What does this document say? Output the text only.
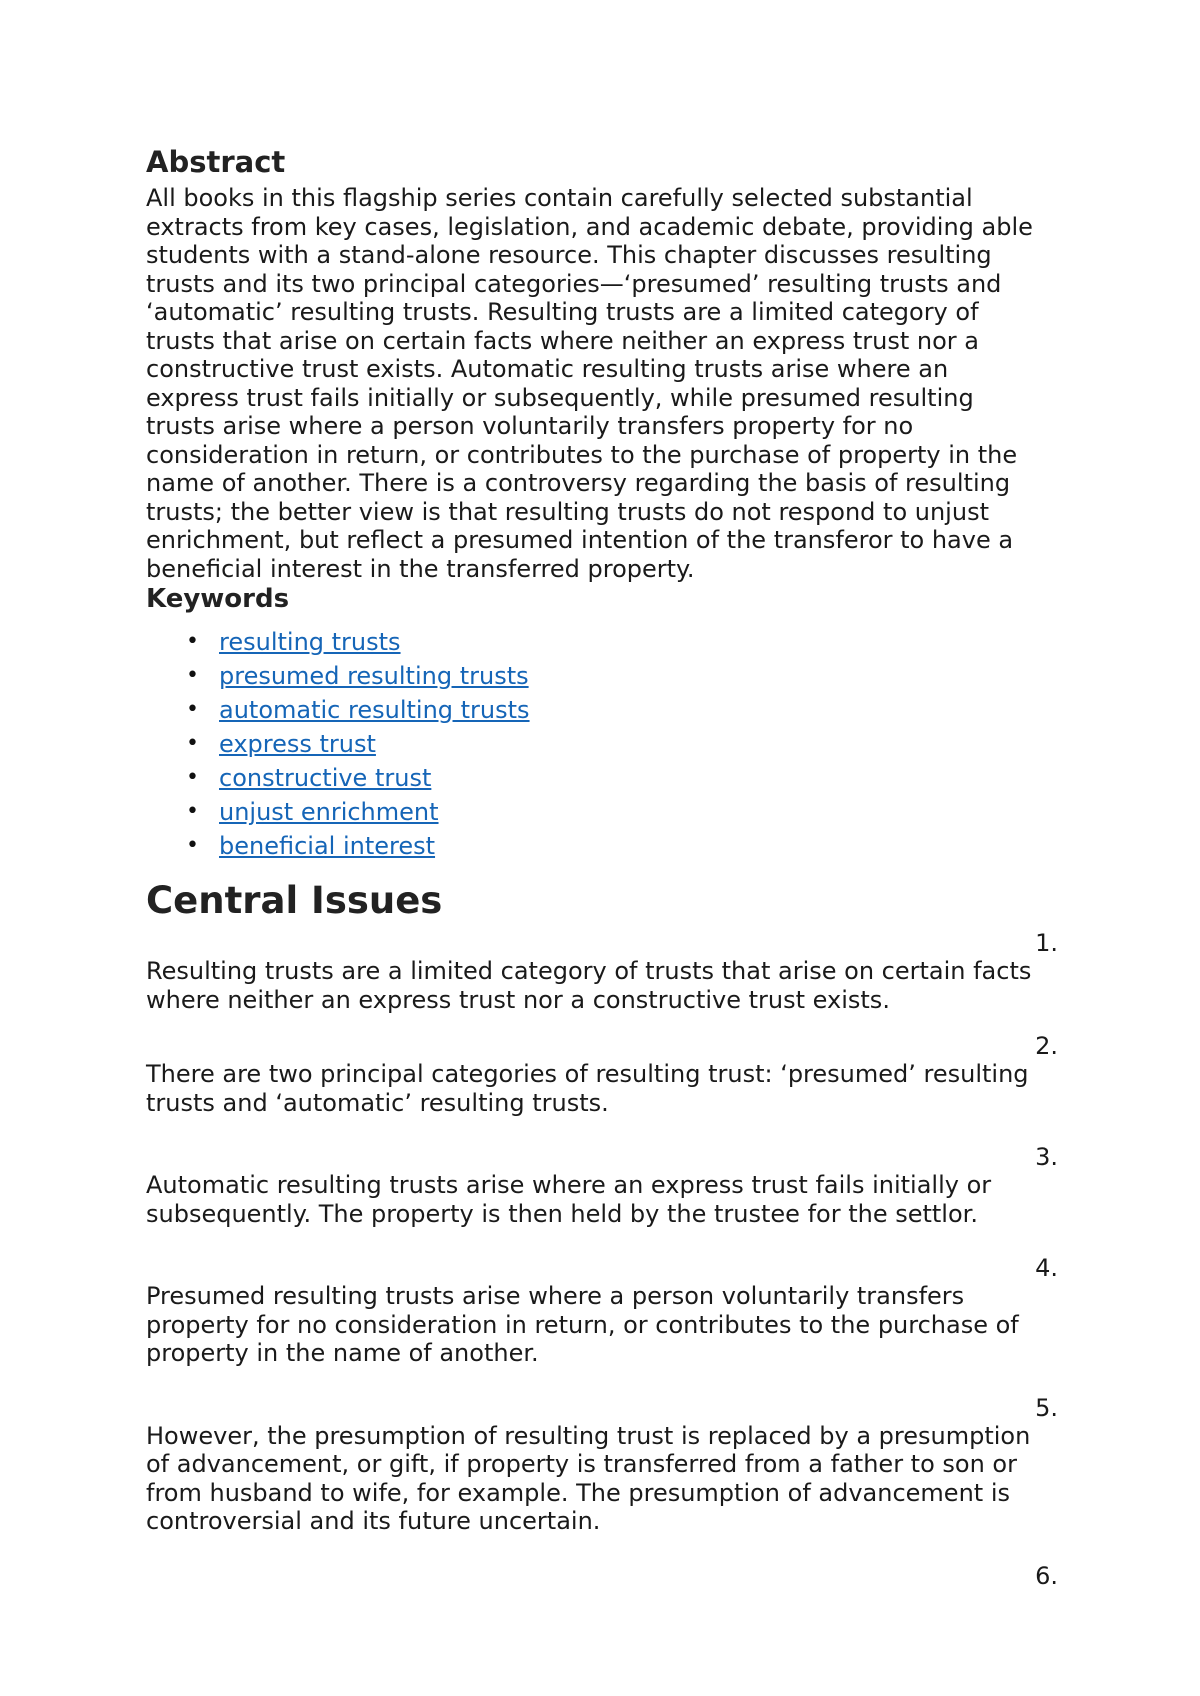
Abstract
All books in this flagship series contain carefully selected substantial
extracts from key cases, legislation, and academic debate, providing able
students with a stand-alone resource. This chapter discusses resulting
trusts and its two principal categories—‘presumed’ resulting trusts and
‘automatic’ resulting trusts. Resulting trusts are a limited category of
trusts that arise on certain facts where neither an express trust nor a
constructive trust exists. Automatic resulting trusts arise where an
express trust fails initially or subsequently, while presumed resulting
trusts arise where a person voluntarily transfers property for no
consideration in return, or contributes to the purchase of property in the
name of another. There is a controversy regarding the basis of resulting
trusts; the better view is that resulting trusts do not respond to unjust
enrichment, but reflect a presumed intention of the transferor to have a
beneficial interest in the transferred property.
Keywords
• resulting trusts
• presumed resulting trusts
• automatic resulting trusts
• express trust
• constructive trust
• unjust enrichment
• beneficial interest
Central Issues
1.
Resulting trusts are a limited category of trusts that arise on certain facts
where neither an express trust nor a constructive trust exists.
2.
There are two principal categories of resulting trust: ‘presumed’ resulting
trusts and ‘automatic’ resulting trusts.
3.
Automatic resulting trusts arise where an express trust fails initially or
subsequently. The property is then held by the trustee for the settlor.
4.
Presumed resulting trusts arise where a person voluntarily transfers
property for no consideration in return, or contributes to the purchase of
property in the name of another.
5.
However, the presumption of resulting trust is replaced by a presumption
of advancement, or gift, if property is transferred from a father to son or
from husband to wife, for example. The presumption of advancement is
controversial and its future uncertain.
6.
